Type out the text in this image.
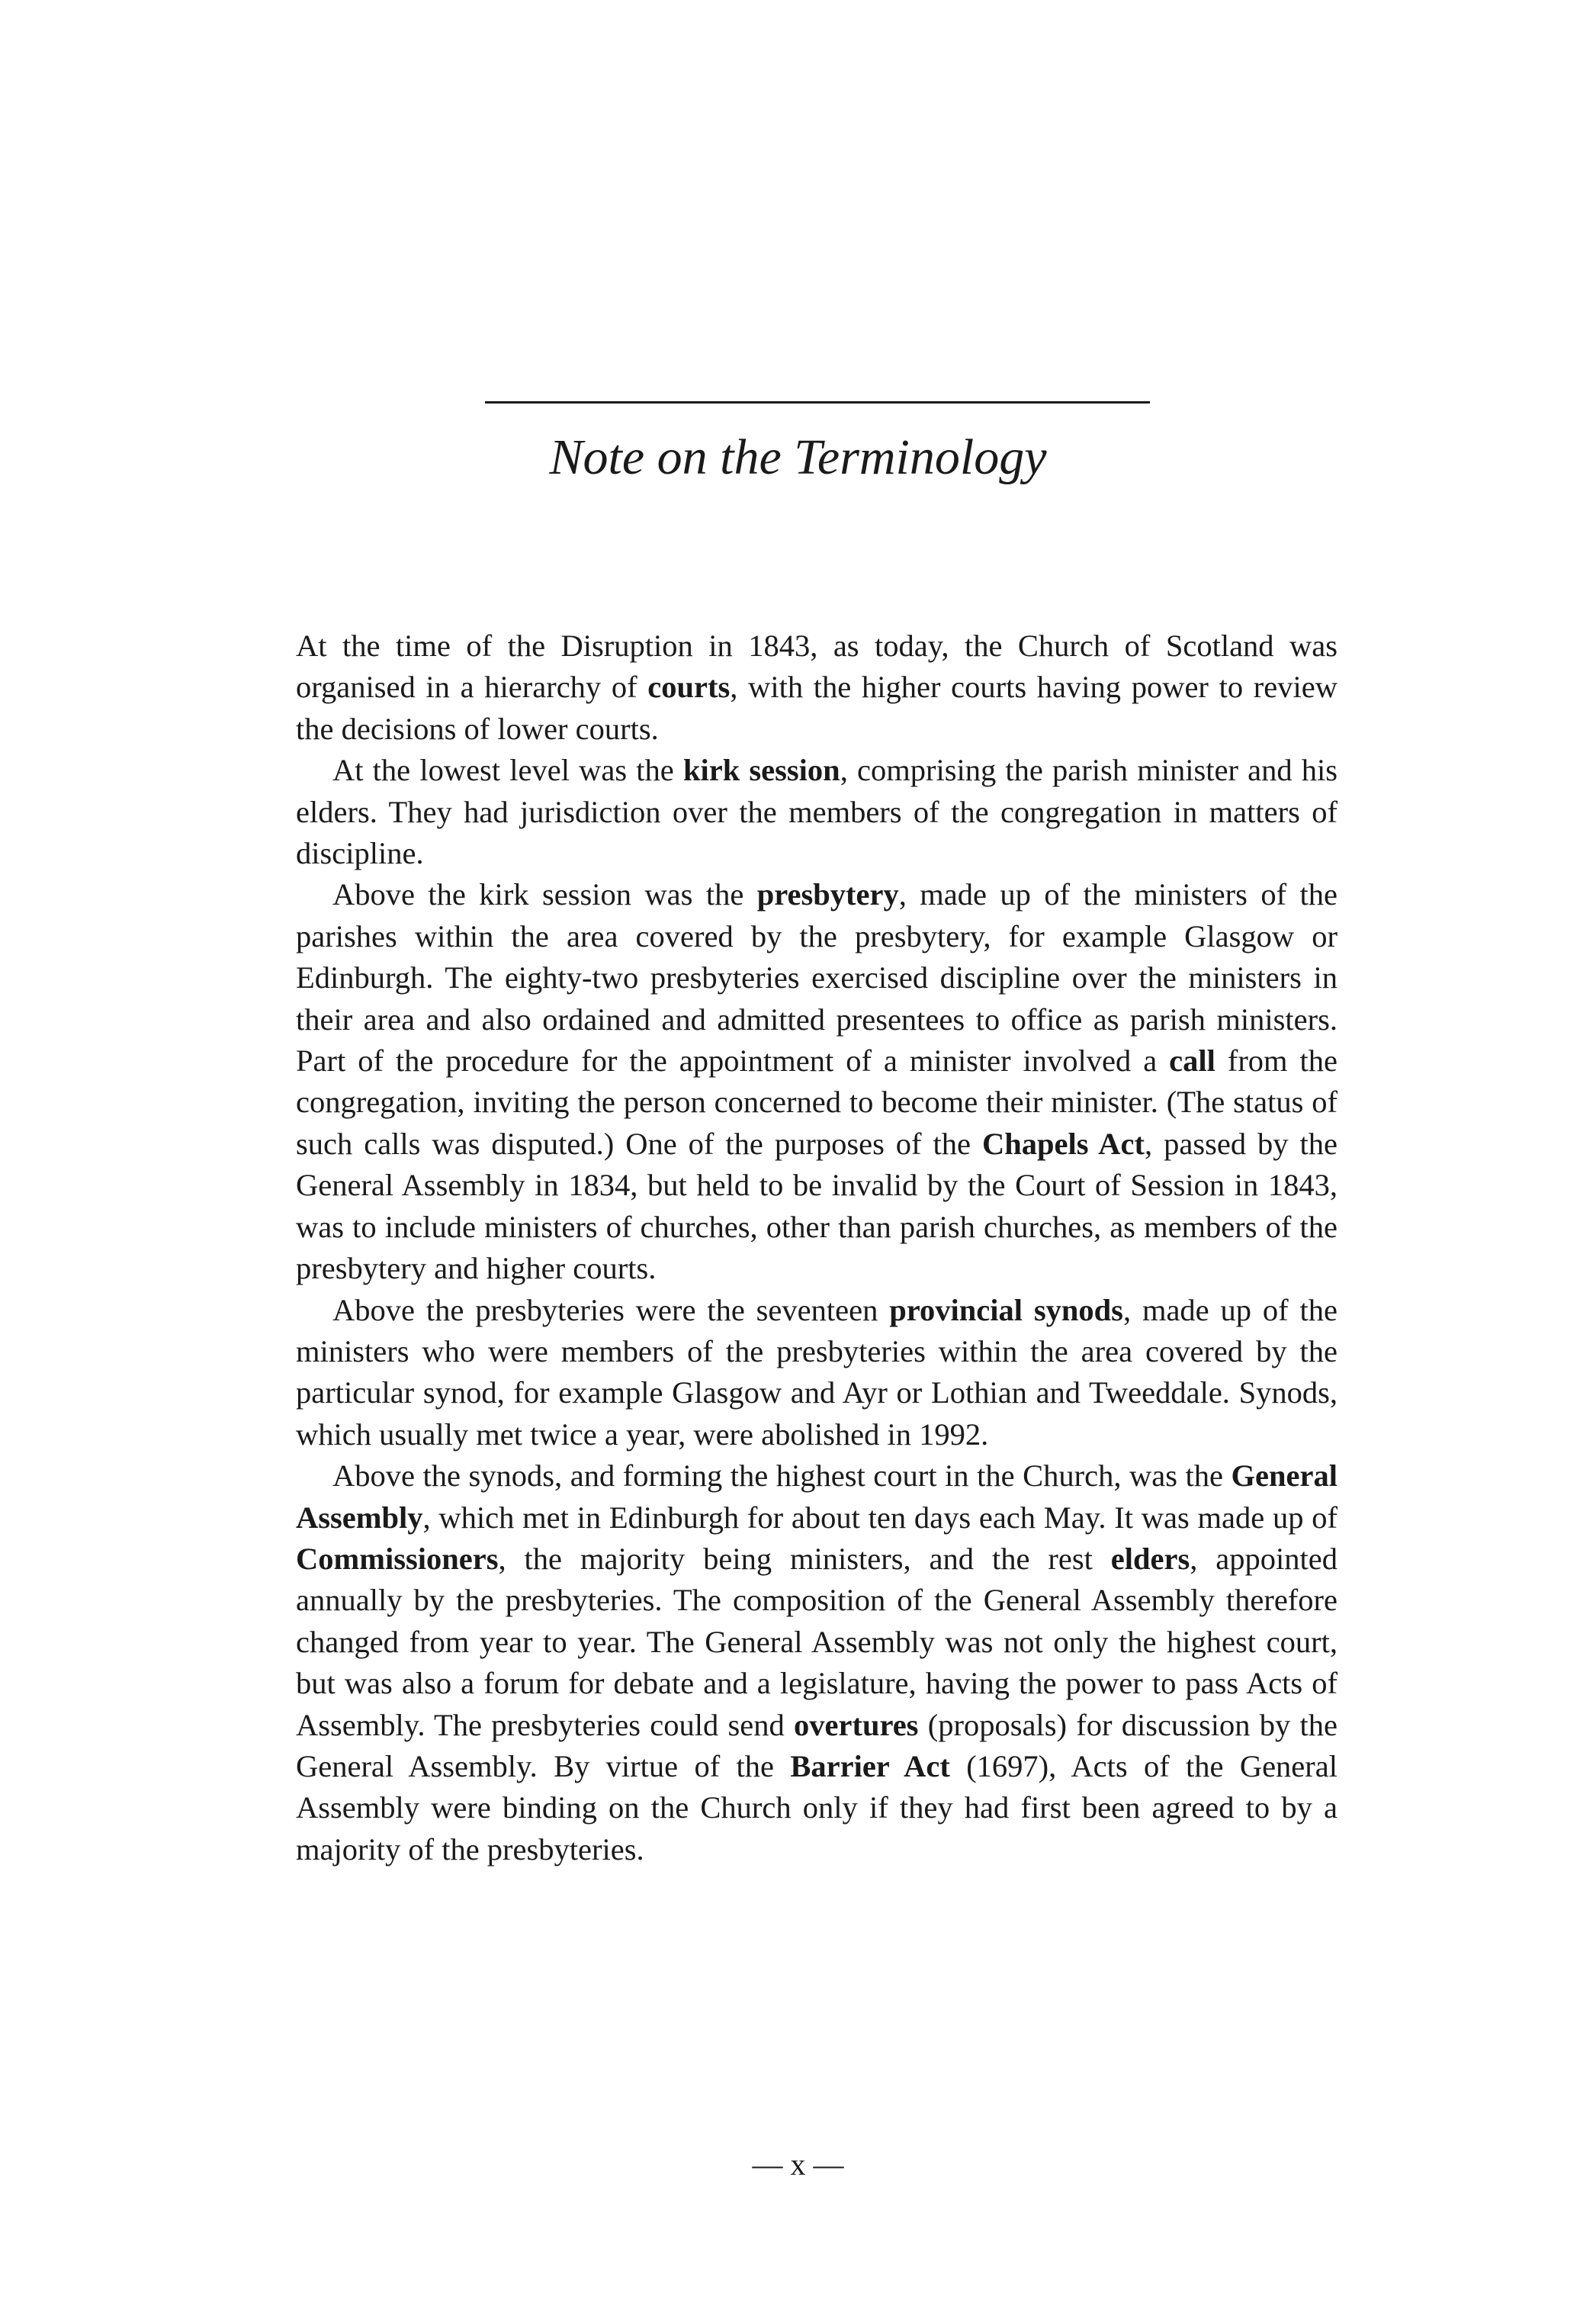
Note on the Terminology

At the time of the Disruption in 1843, as today, the Church of Scotland was organised in a hierarchy of courts, with the higher courts having power to review the decisions of lower courts.

At the lowest level was the kirk session, comprising the parish minister and his elders. They had jurisdiction over the members of the congregation in matters of discipline.

Above the kirk session was the presbytery, made up of the ministers of the parishes within the area covered by the presbytery, for example Glasgow or Edinburgh. The eighty-two presbyteries exercised discipline over the ministers in their area and also ordained and admitted presentees to office as parish ministers. Part of the procedure for the appointment of a minister involved a call from the congregation, inviting the person concerned to become their minister. (The status of such calls was disputed.) One of the purposes of the Chapels Act, passed by the General Assembly in 1834, but held to be invalid by the Court of Session in 1843, was to include ministers of churches, other than parish churches, as members of the presbytery and higher courts.

Above the presbyteries were the seventeen provincial synods, made up of the ministers who were members of the presbyteries within the area covered by the particular synod, for example Glasgow and Ayr or Lothian and Tweeddale. Synods, which usually met twice a year, were abolished in 1992.

Above the synods, and forming the highest court in the Church, was the General Assembly, which met in Edinburgh for about ten days each May. It was made up of Commissioners, the majority being ministers, and the rest elders, appointed annually by the presbyteries. The composition of the General Assembly therefore changed from year to year. The General Assembly was not only the highest court, but was also a forum for debate and a legislature, having the power to pass Acts of Assembly. The presbyteries could send overtures (proposals) for discussion by the General Assembly. By virtue of the Barrier Act (1697), Acts of the General Assembly were binding on the Church only if they had first been agreed to by a majority of the presbyteries.

— x —
